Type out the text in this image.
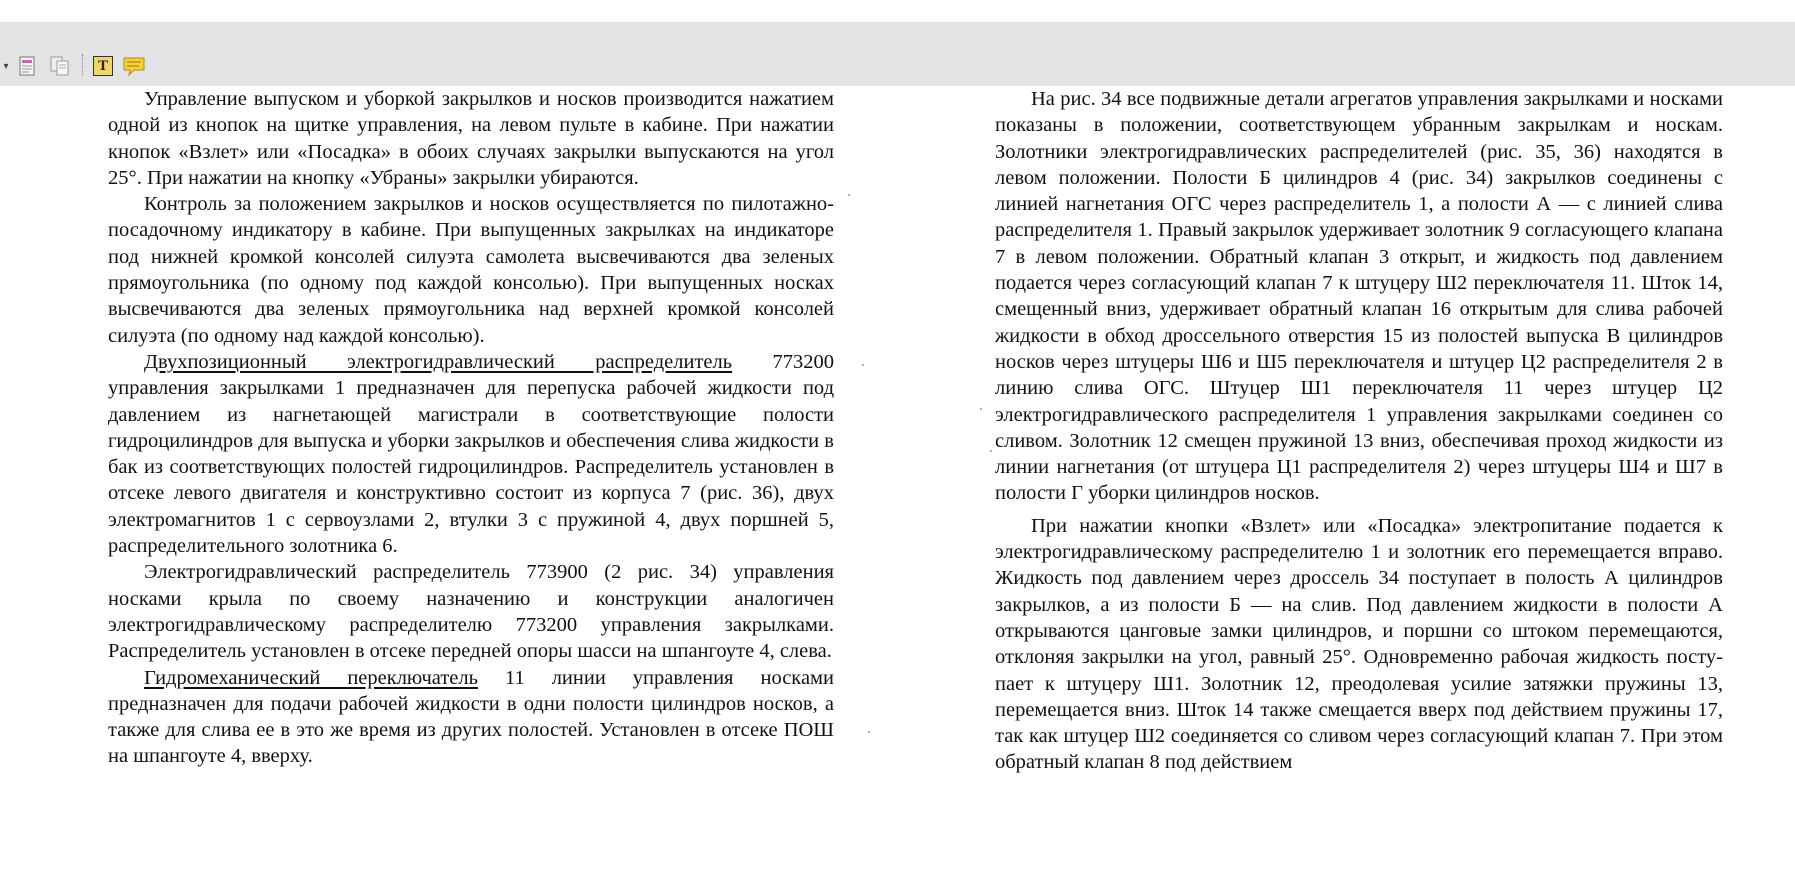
▾	T

Управление выпуском и уборкой закрылков и носков производится нажатием одной из кнопок на щитке управления, на левом пульте в кабине. При нажатии кнопок «Взлет» или «Посадка» в обоих случаях закрылки выпускаются на угол 25°. При нажатии на кнопку «Убраны» закрылки убираются.

Контроль за положением закрылков и носков осуществляется по пилотажно-посадочному индикатору в кабине. При выпущенных закрылках на индикаторе под нижней кромкой консолей силуэта самолета высвечиваются два зеленых прямоугольника (по одному под каждой консолью). При выпущенных носках высвечиваются два зеленых прямоугольника над верхней кромкой консолей силуэта (по одному над каждой консолью).

Двухпозиционный электрогидравлический распределитель 773200 управления закрылками 1 предназначен для перепуска рабочей жидкости под давлением из нагнетающей магистрали в соответствующие полости гидроцилиндров для выпуска и уборки закрылков и обеспечения слива жидкости в бак из соответствующих полостей гидроцилиндров. Распределитель установлен в отсеке левого двигателя и конструктивно состоит из корпуса 7 (рис. 36), двух электромагнитов 1 с сервоузлами 2, втулки 3 с пружиной 4, двух поршней 5, распределительного золотника 6.

Электрогидравлический распределитель 773900 (2 рис. 34) управления носками крыла по своему назначению и конструкции аналогичен электрогидравлическому распределителю 773200 управления закрылками. Распределитель установлен в отсеке передней опоры шасси на шпангоуте 4, слева.

Гидромеханический переключатель 11 линии управления носками предназначен для подачи рабочей жидкости в одни полости цилиндров носков, а также для слива ее в это же время из других полостей. Установлен в отсеке ПОШ на шпангоуте 4, вверху.

На рис. 34 все подвижные детали агрегатов управления закрылками и носками показаны в положении, соответствующем убранным закрылкам и носкам. Золотники электрогидравлических распределителей (рис. 35, 36) находятся в левом положении. Полости Б цилиндров 4 (рис. 34) закрылков соединены с линией нагнетания ОГС через распределитель 1, а полости А — с линией слива распределителя 1. Правый закрылок удерживает золотник 9 согласующего клапана 7 в левом положении. Обратный клапан 3 открыт, и жидкость под давлением подается через согласующий клапан 7 к штуцеру Ш2 переключателя 11. Шток 14, смещенный вниз, удерживает обратный клапан 16 открытым для слива рабочей жидкости в обход дроссельного отверстия 15 из полостей выпуска В цилиндров носков через штуцеры Ш6 и Ш5 переключателя и штуцер Ц2 распределителя 2 в линию слива ОГС. Штуцер Ш1 переключателя 11 через штуцер Ц2 электрогидравлического распределителя 1 управления закрылками соединен со сливом. Золотник 12 смещен пружиной 13 вниз, обеспечивая проход жидкости из линии нагнетания (от штуцера Ц1 распределителя 2) через штуцеры Ш4 и Ш7 в полости Г уборки цилиндров носков.

При нажатии кнопки «Взлет» или «Посадка» электропитание подается к электрогидравлическому распределителю 1 и золотник его перемещается вправо. Жидкость под давлением через дроссель 34 поступает в полость А цилиндров закрылков, а из полости Б — на слив. Под давлением жидкости в полости А открываются цанговые замки цилиндров, и поршни со штоком перемещаются, отклоняя закрылки на угол, равный 25°. Одновременно рабочая жидкость поступает к штуцеру Ш1. Золотник 12, преодолевая усилие затяжки пружины 13, перемещается вниз. Шток 14 также смещается вверх под действием пружины 17, так как штуцер Ш2 соединяется со сливом через согласующий клапан 7. При этом обратный клапан 8 под действием
